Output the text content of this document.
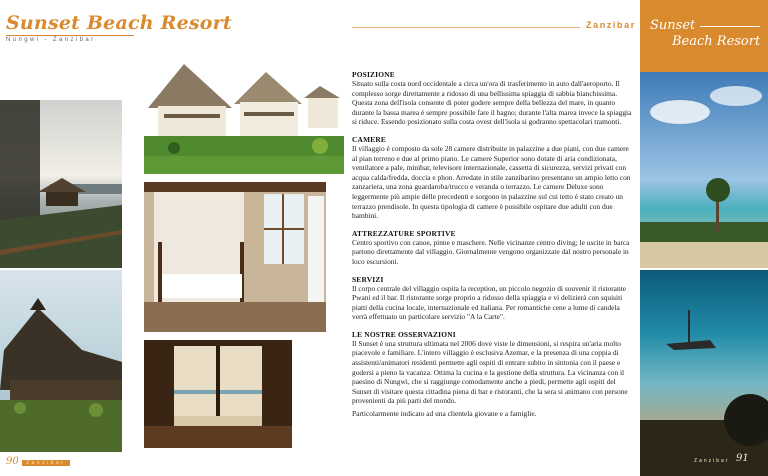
Sunset Beach Resort
Nungwi - Zanzibar
90	Zanzibar
Zanzibar
POSIZIONE

Situato sulla costa nord occidentale a circa un'ora di trasferimento in auto dall'aeroporto. Il complesso sorge direttamente a ridosso di una bellissima spiaggia di sabbia bianchissima. Questa zona dell'isola consente di poter godere sempre della bellezza del mare, in quanto durante la bassa marea è sempre possibile fare il bagno; durante l'alta marea invece la spiaggia si riduce. Essendo posizionato sulla costa ovest dell'isola si godranno spettacolari tramonti.

CAMERE

Il villaggio è composto da sole 28 camere distribuite in palazzine a due piani, con due camere al pian terreno e due al primo piano. Le camere Superior sono dotate di aria condizionata, ventilatore a pale, minibar, televisore internazionale, cassetta di sicurezza, servizi privati con acqua calda/fredda, doccia e phon. Arredate in stile zanzibarino presentano un ampio letto con zanzariera, una zona guardaroba/trucco e veranda o terrazzo. Le camere Deluxe sono leggermente più ampie delle precedenti e sorgono in palazzine sul cui tetto è stato creato un terrazzo prendisole. In questa tipologia di camere è possibile ospitare due adulti con due bambini.

ATTREZZATURE SPORTIVE

Centro sportivo con canoe, pinne e maschere. Nelle vicinanze centro diving; le uscite in barca partono direttamente dal villaggio. Giornalmente vengono organizzate dal nostro personale in loco escursioni.

SERVIZI

Il corpo centrale del villaggio ospita la reception, un piccolo negozio di souvenir il ristorante Pwani ed il bar. Il ristorante sorge proprio a ridosso della spiaggia e vi delizierà con squisiti piatti della cucina locale, internazionale ed italiana. Per romantiche cene a lume di candela verrà effettuato un particolare servizio "A la Carte".

LE NOSTRE OSSERVAZIONI

Il Sunset è una struttura ultimata nel 2006 dove viste le dimensioni, si respira un'aria molto piacevole e familiare. L'intero villaggio è esclusiva Azemar, e la presenza di una coppia di assistenti/animatori residenti permette agli ospiti di entrare subito in sintonia con il paese e godersi a pieno la vacanza. Ottima la cucina e la gestione della struttura. La vicinanza con il paesino di Nungwi, che si raggiunge comodamente anche a piedi, permette agli ospiti del Sunset di visitare questa cittadina piena di bar e ristoranti, che la sera si animano con persone provenienti da più parti del mondo.

Particolarmente indicato ad una clientela giovane e a famiglie.

Sunset
Beach Resort
Zanzibar 91
